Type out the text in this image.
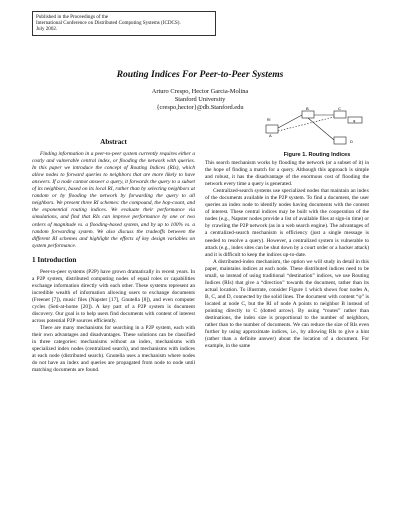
Published in the Proceedings of the
International Conference on Distributed Computing Systems (ICDCS).
July 2002.
Routing Indices For Peer-to-Peer Systems
Arturo Crespo, Hector Garcia-Molina
Stanford University
{crespo,hector}@db.Stanford.edu	B
A
C
D
φ
RI
Figure 1. Routing Indices
Abstract

Finding information in a peer-to-peer system currently requires either a costly and vulnerable central index, or flooding the network with queries. In this paper we introduce the concept of Routing Indices (RIs), which allow nodes to forward queries to neighbors that are more likely to have answers. If a node cannot answer a query, it forwards the query to a subset of its neighbors, based on its local RI, rather than by selecting neighbors at random or by flooding the network by forwarding the query to all neighbors. We present three RI schemes: the compound, the hop-count, and the exponential routing indices. We evaluate their performance via simulations, and find that RIs can improve performance by one or two orders of magnitude vs. a flooding-based system, and by up to 100% vs. a random forwarding system. We also discuss the tradeoffs between the different RI schemes and highlight the effects of key design variables on system performance.

1 Introduction

Peer-to-peer systems (P2P) have grown dramatically in recent years. In a P2P system, distributed computing nodes of equal roles or capabilities exchange information directly with each other. These systems represent an incredible wealth of information allowing users to exchange documents (Freenet [7]), music files (Napster [17], Gnutella [8]), and even computer cycles (Seti-at-home [20]). A key part of a P2P system is document discovery. Our goal is to help users find documents with content of interest across potential P2P sources efficiently.

There are many mechanisms for searching in a P2P system, each with their own advantages and disadvantages. These solutions can be classified in three categories: mechanisms without an index, mechanisms with specialized index nodes (centralized search), and mechanisms with indices at each node (distributed search). Gnutella uses a mechanism where nodes do not have an index and queries are propagated from node to node until matching documents are found.

This search mechanism works by flooding the network (or a subset of it) in the hope of finding a match for a query. Although this approach is simple and robust, it has the disadvantage of the enormous cost of flooding the network every time a query is generated.

Centralized-search systems use specialized nodes that maintain an index of the documents available in the P2P system. To find a document, the user queries an index node to identify nodes having documents with the content of interest. These central indices may be built with the cooperation of the nodes (e.g., Napster nodes provide a list of available files at sign-in time) or by crawling the P2P network (as in a web search engine). The advantages of a centralized-search mechanism is efficiency (just a single message is needed to resolve a query). However, a centralized system is vulnerable to attack (e.g., index sites can be shut down by a court order or a hacker attack) and it is difficult to keep the indices up-to-date.

A distributed-index mechanism, the option we will study in detail in this paper, maintains indices at each node. These distributed indices need to be small, so instead of using traditional “destination” indices, we use Routing Indices (RIs) that give a “direction” towards the document, rather than its actual location. To illustrate, consider Figure 1 which shows four nodes A, B, C, and D, connected by the solid lines. The document with content “φ” is located at node C, but the RI of node A points to neighbor B instead of pointing directly to C (dotted arrow). By using “routes” rather than destinations, the index size is proportional to the number of neighbors, rather than to the number of documents. We can reduce the size of RIs even further by using approximate indices, i.e., by allowing RIs to give a hint (rather than a definite answer) about the location of a document. For example, in the same
